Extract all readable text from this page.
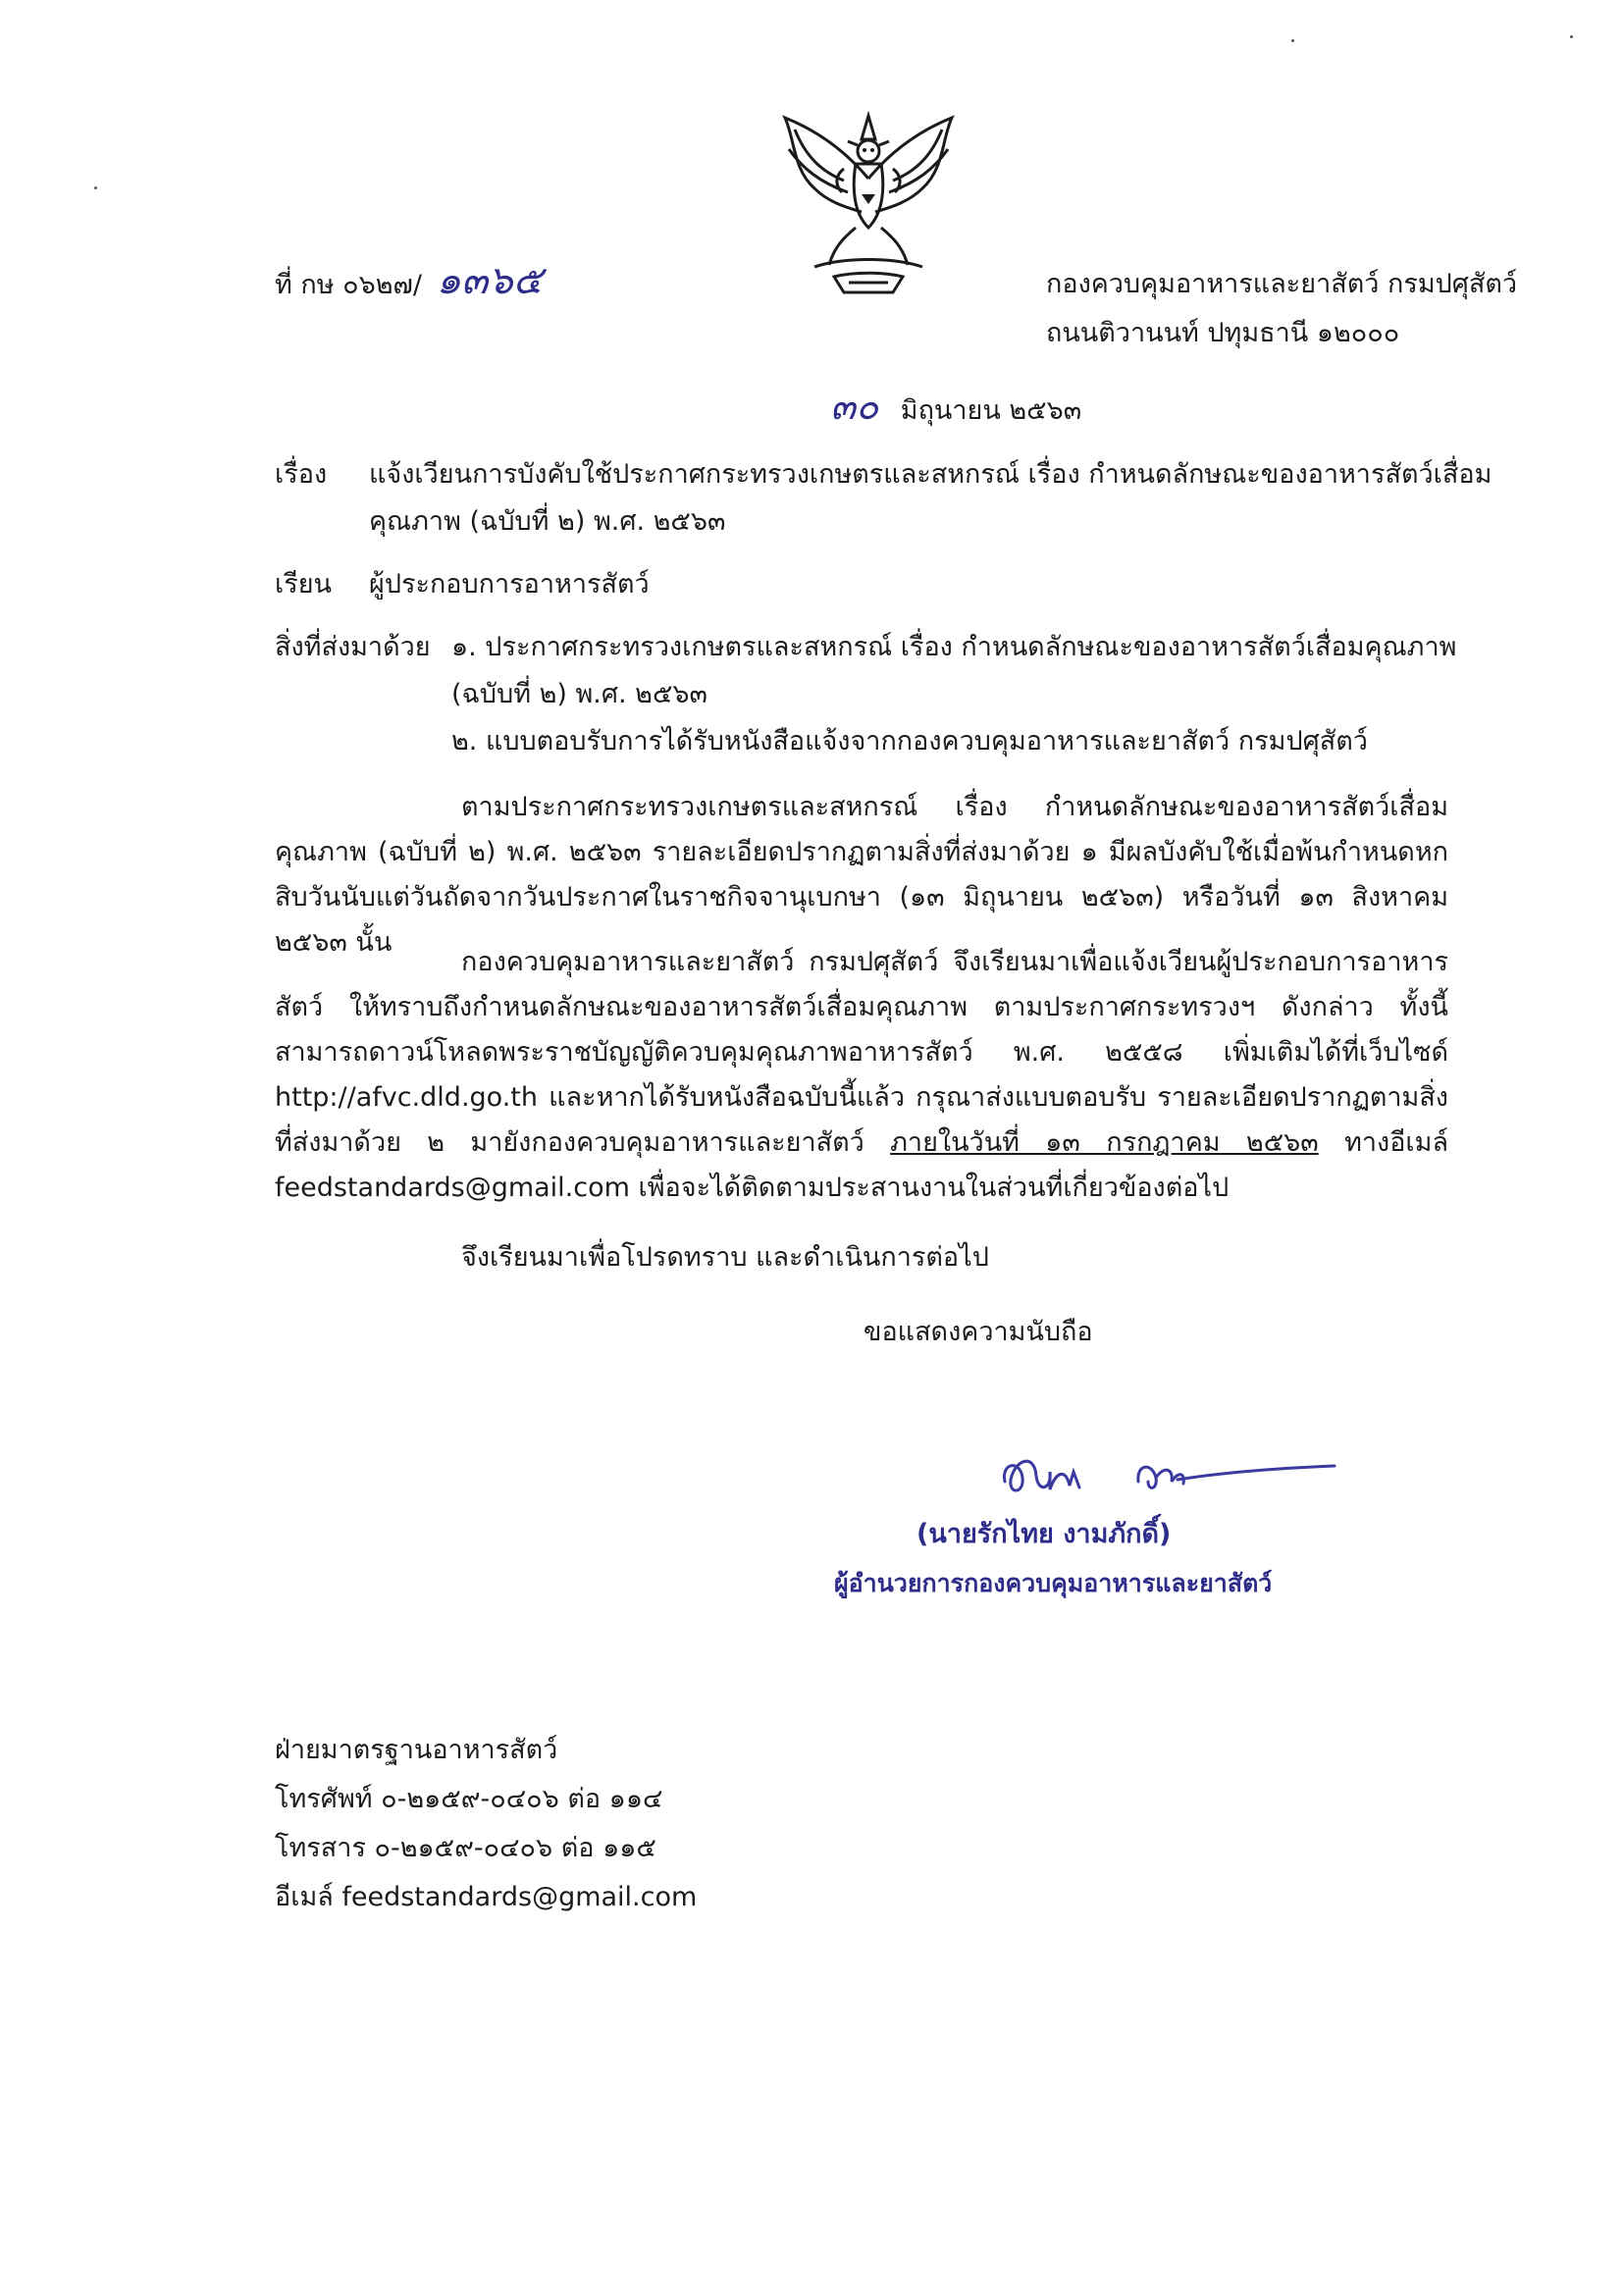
ที่ กษ ๐๖๒๗/ ๑๓๖๕	กองควบคุมอาหารและยาสัตว์ กรมปศุสัตว์
ถนนติวานนท์ ปทุมธานี ๑๒๐๐๐
๓๐ มิถุนายน ๒๕๖๓
เรื่อง แจ้งเวียนการบังคับใช้ประกาศกระทรวงเกษตรและสหกรณ์ เรื่อง กำหนดลักษณะของอาหารสัตว์เสื่อม
คุณภาพ (ฉบับที่ ๒) พ.ศ. ๒๕๖๓
เรียน ผู้ประกอบการอาหารสัตว์
สิ่งที่ส่งมาด้วย ๑. ประกาศกระทรวงเกษตรและสหกรณ์ เรื่อง กำหนดลักษณะของอาหารสัตว์เสื่อมคุณภาพ
(ฉบับที่ ๒) พ.ศ. ๒๕๖๓
๒. แบบตอบรับการได้รับหนังสือแจ้งจากกองควบคุมอาหารและยาสัตว์ กรมปศุสัตว์
ตามประกาศกระทรวงเกษตรและสหกรณ์ เรื่อง กำหนดลักษณะของอาหารสัตว์เสื่อมคุณภาพ (ฉบับที่ ๒) พ.ศ. ๒๕๖๓ รายละเอียดปรากฏตามสิ่งที่ส่งมาด้วย ๑ มีผลบังคับใช้เมื่อพ้นกำหนดหกสิบวันนับแต่วันถัดจากวันประกาศในราชกิจจานุเบกษา (๑๓ มิถุนายน ๒๕๖๓) หรือวันที่ ๑๓ สิงหาคม ๒๕๖๓ นั้น
กองควบคุมอาหารและยาสัตว์ กรมปศุสัตว์ จึงเรียนมาเพื่อแจ้งเวียนผู้ประกอบการอาหารสัตว์ ให้ทราบถึงกำหนดลักษณะของอาหารสัตว์เสื่อมคุณภาพ ตามประกาศกระทรวงฯ ดังกล่าว ทั้งนี้สามารถดาวน์โหลดพระราชบัญญัติควบคุมคุณภาพอาหารสัตว์ พ.ศ. ๒๕๕๘ เพิ่มเติมได้ที่เว็บไซด์ http://afvc.dld.go.th และหากได้รับหนังสือฉบับนี้แล้ว กรุณาส่งแบบตอบรับ รายละเอียดปรากฏตามสิ่งที่ส่งมาด้วย ๒ มายังกองควบคุมอาหารและยาสัตว์ ภายในวันที่ ๑๓ กรกฎาคม ๒๕๖๓ ทางอีเมล์ feedstandards@gmail.com เพื่อจะได้ติดตามประสานงานในส่วนที่เกี่ยวข้องต่อไป
จึงเรียนมาเพื่อโปรดทราบ และดำเนินการต่อไป
ขอแสดงความนับถือ
(นายรักไทย งามภักดิ์)
ผู้อำนวยการกองควบคุมอาหารและยาสัตว์
ฝ่ายมาตรฐานอาหารสัตว์
โทรศัพท์ ๐-๒๑๕๙-๐๔๐๖ ต่อ ๑๑๔
โทรสาร ๐-๒๑๕๙-๐๔๐๖ ต่อ ๑๑๕
อีเมล์ feedstandards@gmail.com
